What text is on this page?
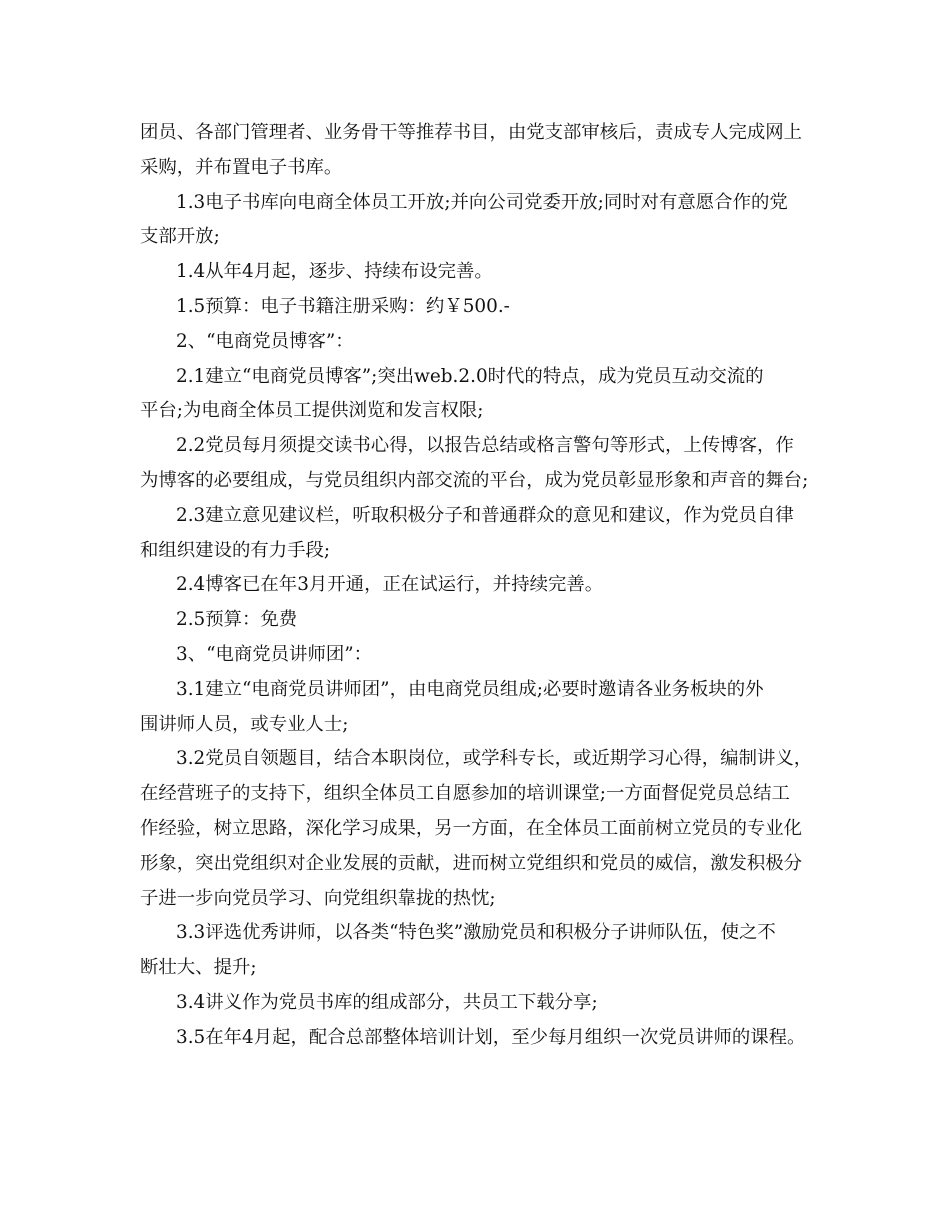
团员、各部门管理者、业务骨干等推荐书目，由党支部审核后，责成专人完成网上
采购，并布置电子书库。
1.3电子书库向电商全体员工开放;并向公司党委开放;同时对有意愿合作的党
支部开放;
1.4从年4月起，逐步、持续布设完善。
1.5预算：电子书籍注册采购：约￥500.-
2、“电商党员博客”：
2.1建立“电商党员博客”;突出web.2.0时代的特点，成为党员互动交流的
平台;为电商全体员工提供浏览和发言权限;
2.2党员每月须提交读书心得，以报告总结或格言警句等形式，上传博客，作
为博客的必要组成，与党员组织内部交流的平台，成为党员彰显形象和声音的舞台;
2.3建立意见建议栏，听取积极分子和普通群众的意见和建议，作为党员自律
和组织建设的有力手段;
2.4博客已在年3月开通，正在试运行，并持续完善。
2.5预算：免费
3、“电商党员讲师团”：
3.1建立“电商党员讲师团”，由电商党员组成;必要时邀请各业务板块的外
围讲师人员，或专业人士;
3.2党员自领题目，结合本职岗位，或学科专长，或近期学习心得，编制讲义，
在经营班子的支持下，组织全体员工自愿参加的培训课堂;一方面督促党员总结工
作经验，树立思路，深化学习成果，另一方面，在全体员工面前树立党员的专业化
形象，突出党组织对企业发展的贡献，进而树立党组织和党员的威信，激发积极分
子进一步向党员学习、向党组织靠拢的热忱;
3.3评选优秀讲师，以各类“特色奖”激励党员和积极分子讲师队伍，使之不
断壮大、提升;
3.4讲义作为党员书库的组成部分，共员工下载分享;
3.5在年4月起，配合总部整体培训计划，至少每月组织一次党员讲师的课程。
